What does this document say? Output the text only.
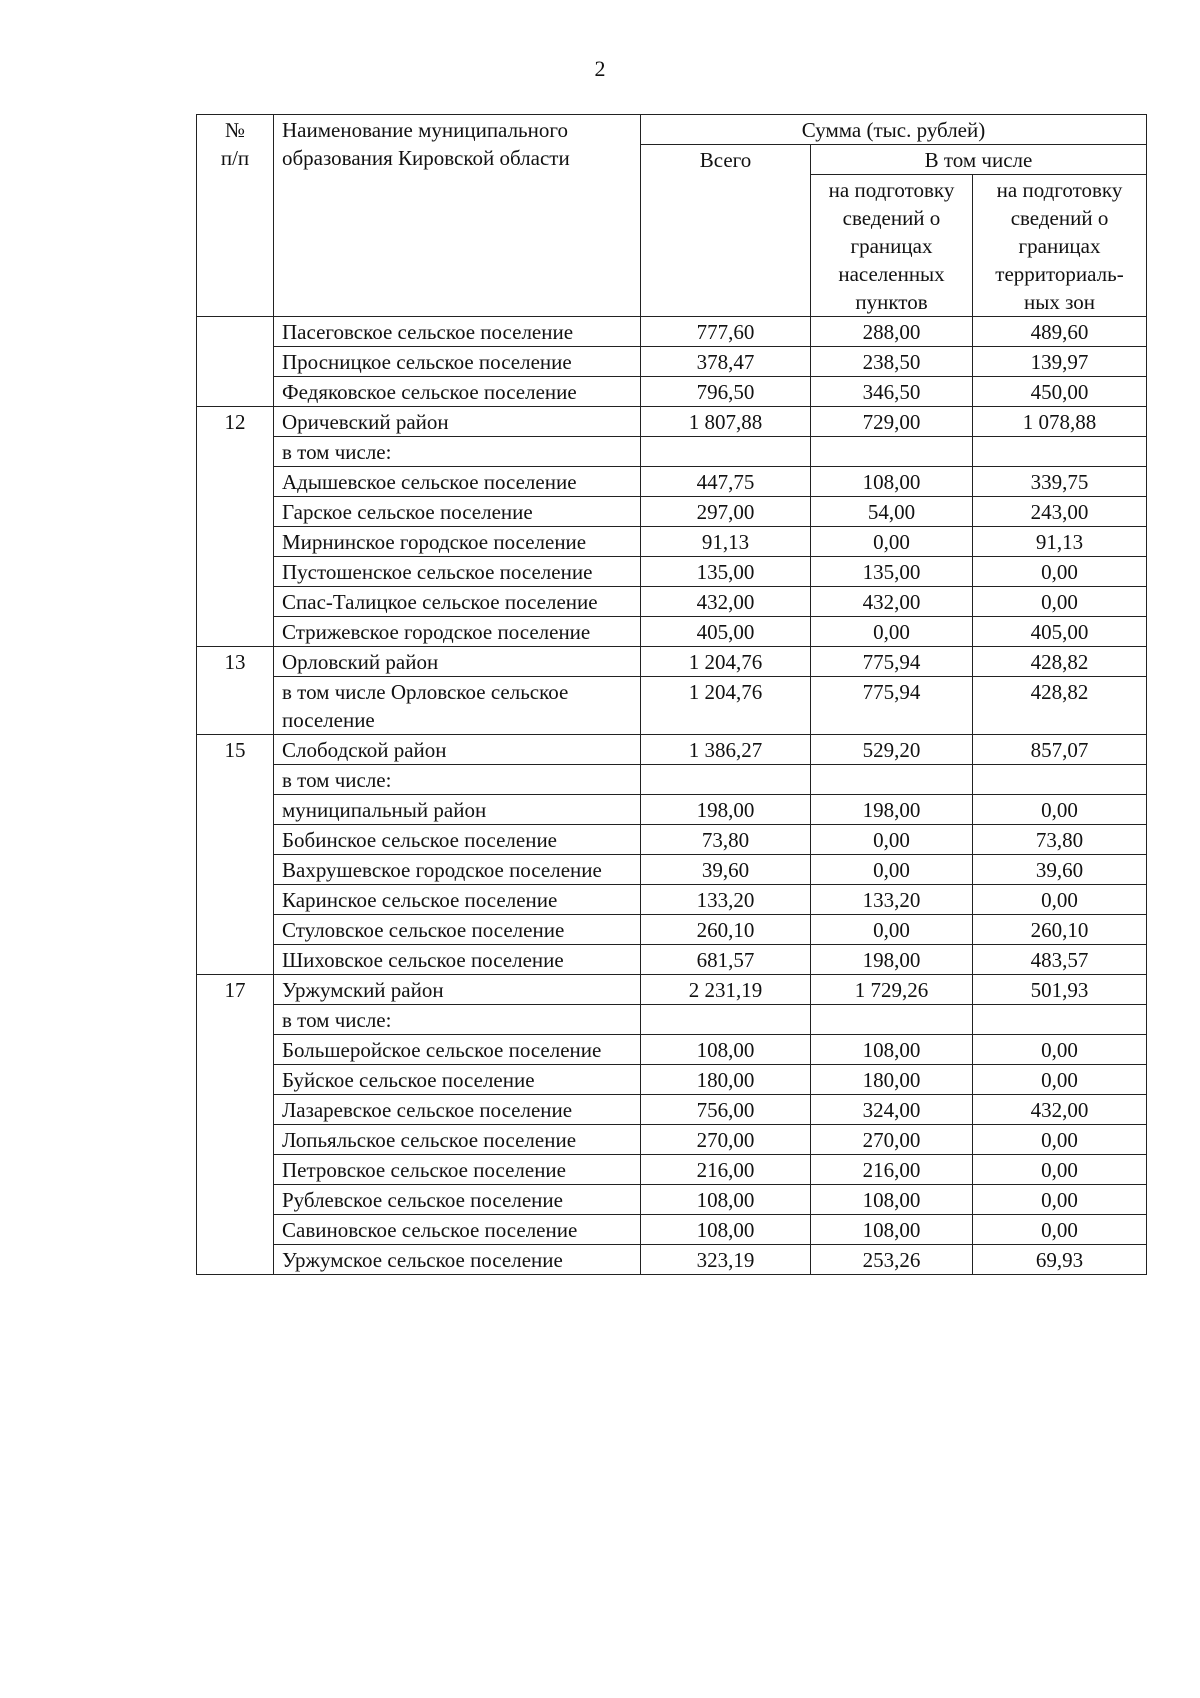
2
№
п/п	Наименование муниципального образования Кировской области	Сумма (тыс. рублей)		
		Всего	В том числе	
			на подготовку сведений о границах населенных пунктов	на подготовку сведений о границах территориаль-ных зон
	Пасеговское сельское поселение	777,60	288,00	489,60
	Просницкое сельское поселение	378,47	238,50	139,97
	Федяковское сельское поселение	796,50	346,50	450,00
12	Оричевский район	1 807,88	729,00	1 078,88
	в том числе:			
	Адышевское сельское поселение	447,75	108,00	339,75
	Гарское сельское поселение	297,00	54,00	243,00
	Мирнинское городское поселение	91,13	0,00	91,13
	Пустошенское сельское поселение	135,00	135,00	0,00
	Спас-Талицкое сельское поселение	432,00	432,00	0,00
	Стрижевское городское поселение	405,00	0,00	405,00
13	Орловский район	1 204,76	775,94	428,82
	в том числе Орловское сельское поселение	1 204,76	775,94	428,82
15	Слободской район	1 386,27	529,20	857,07
	в том числе:			
	муниципальный район	198,00	198,00	0,00
	Бобинское сельское поселение	73,80	0,00	73,80
	Вахрушевское городское поселение	39,60	0,00	39,60
	Каринское сельское поселение	133,20	133,20	0,00
	Стуловское сельское поселение	260,10	0,00	260,10
	Шиховское сельское поселение	681,57	198,00	483,57
17	Уржумский район	2 231,19	1 729,26	501,93
	в том числе:			
	Большеройское сельское поселение	108,00	108,00	0,00
	Буйское сельское поселение	180,00	180,00	0,00
	Лазаревское сельское поселение	756,00	324,00	432,00
	Лопьяльское сельское поселение	270,00	270,00	0,00
	Петровское сельское поселение	216,00	216,00	0,00
	Рублевское сельское поселение	108,00	108,00	0,00
	Савиновское сельское поселение	108,00	108,00	0,00
	Уржумское сельское поселение	323,19	253,26	69,93
